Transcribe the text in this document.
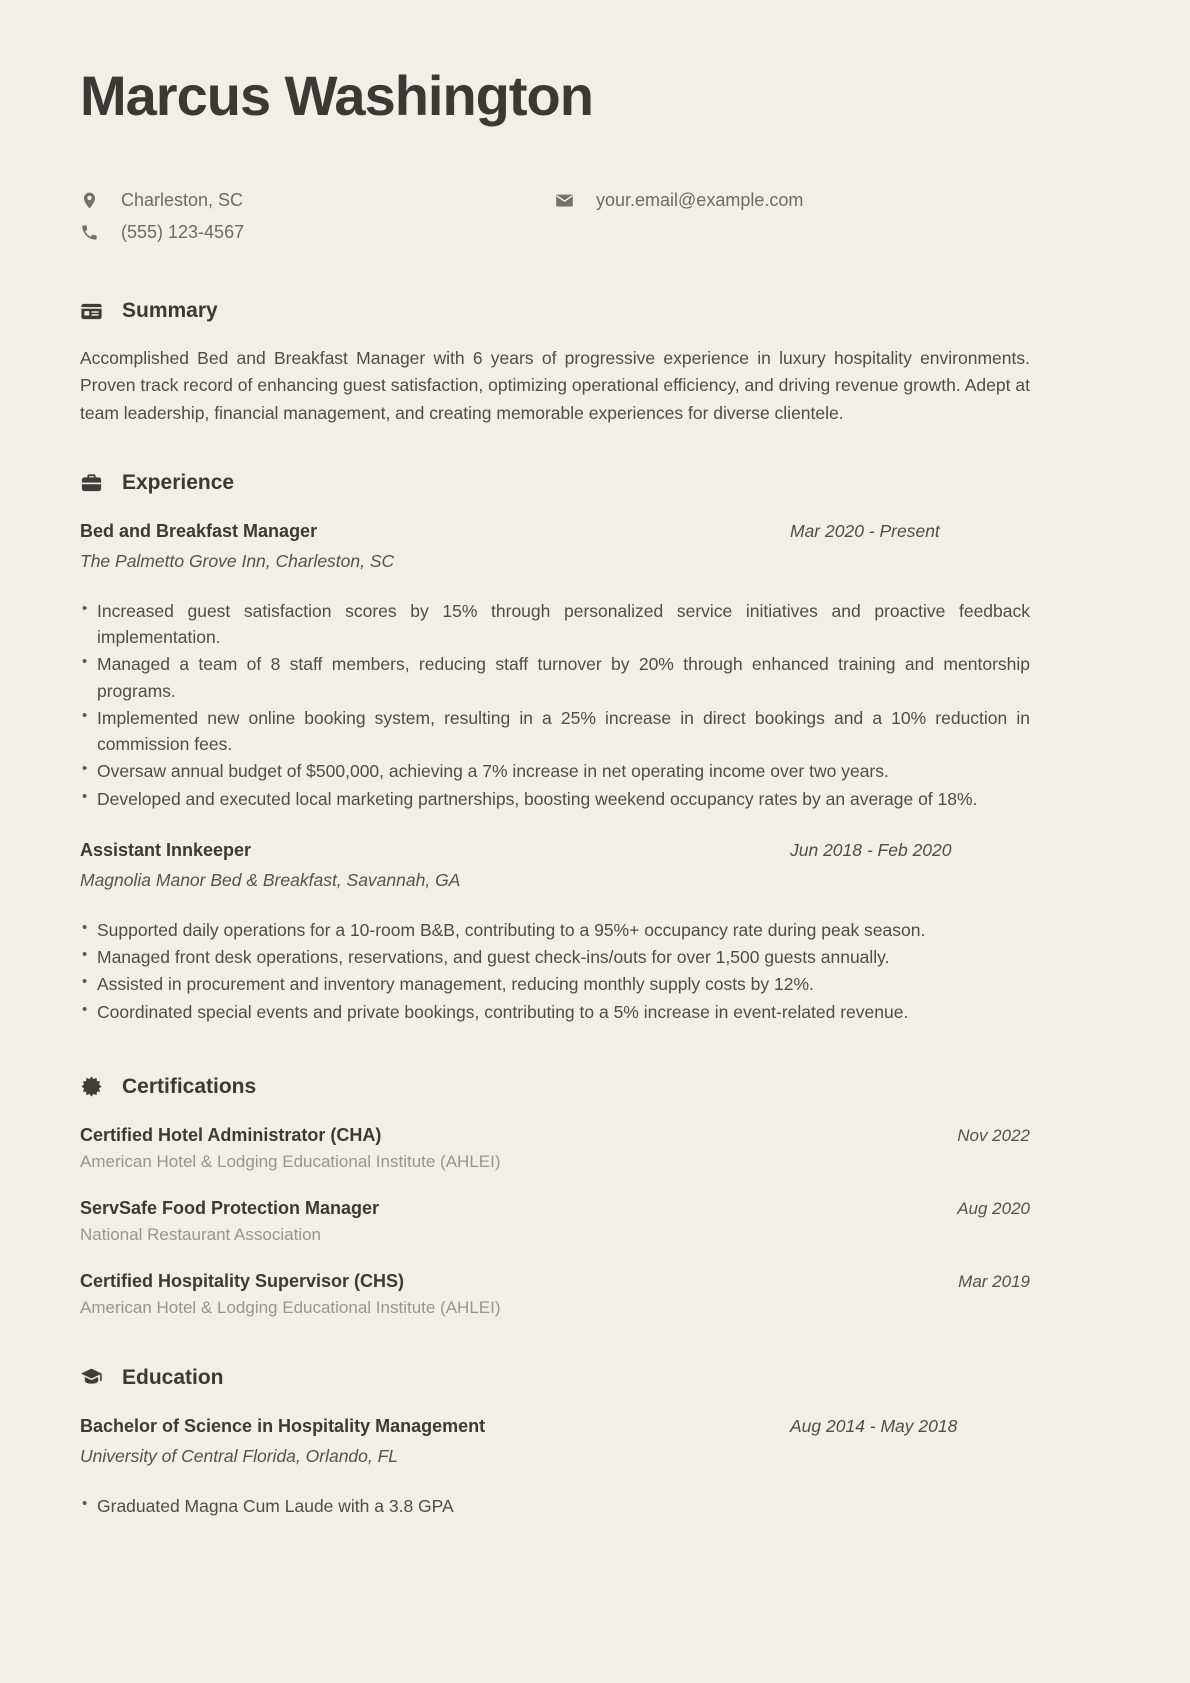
Marcus Washington
Charleston, SC
(555) 123-4567
your.email@example.com
Summary

Accomplished Bed and Breakfast Manager with 6 years of progressive experience in luxury hospitality environments. Proven track record of enhancing guest satisfaction, optimizing operational efficiency, and driving revenue growth. Adept at team leadership, financial management, and creating memorable experiences for diverse clientele.

Experience
Bed and Breakfast Manager	Mar 2020 - Present
The Palmetto Grove Inn, Charleston, SC
• Increased guest satisfaction scores by 15% through personalized service initiatives and proactive feedback implementation.
• Managed a team of 8 staff members, reducing staff turnover by 20% through enhanced training and mentorship programs.
• Implemented new online booking system, resulting in a 25% increase in direct bookings and a 10% reduction in commission fees.
• Oversaw annual budget of $500,000, achieving a 7% increase in net operating income over two years.
• Developed and executed local marketing partnerships, boosting weekend occupancy rates by an average of 18%.
Assistant Innkeeper	Jun 2018 - Feb 2020
Magnolia Manor Bed & Breakfast, Savannah, GA
• Supported daily operations for a 10-room B&B, contributing to a 95%+ occupancy rate during peak season.
• Managed front desk operations, reservations, and guest check-ins/outs for over 1,500 guests annually.
• Assisted in procurement and inventory management, reducing monthly supply costs by 12%.
• Coordinated special events and private bookings, contributing to a 5% increase in event-related revenue.
Certifications
Certified Hotel Administrator (CHA)	Nov 2022
American Hotel & Lodging Educational Institute (AHLEI)
ServSafe Food Protection Manager	Aug 2020
National Restaurant Association
Certified Hospitality Supervisor (CHS)	Mar 2019
American Hotel & Lodging Educational Institute (AHLEI)
Education
Bachelor of Science in Hospitality Management	Aug 2014 - May 2018
University of Central Florida, Orlando, FL
• Graduated Magna Cum Laude with a 3.8 GPA
